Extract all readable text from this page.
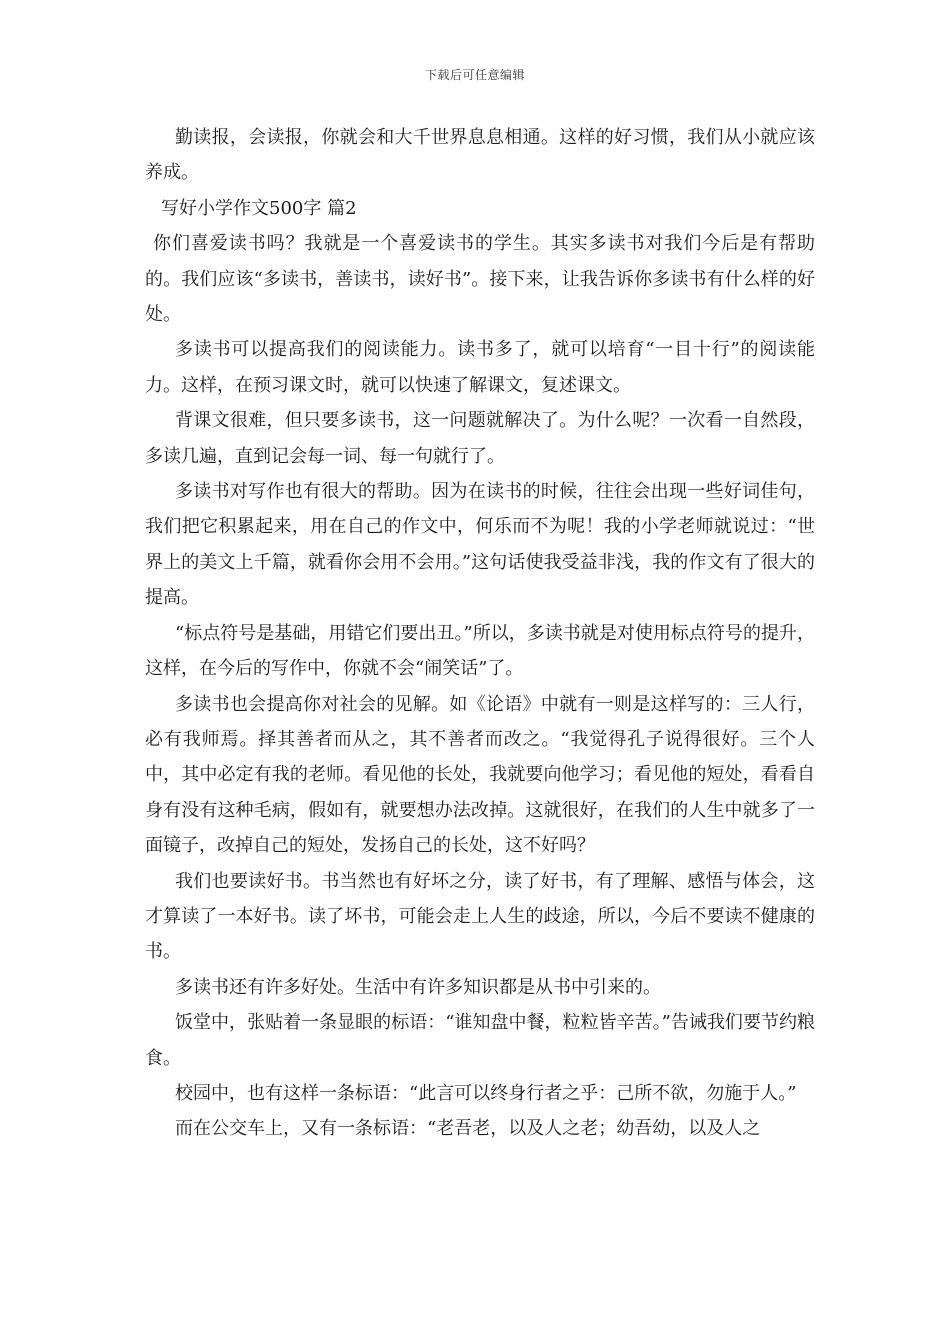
下载后可任意编辑

勤读报，会读报，你就会和大千世界息息相通。这样的好习惯，我们从小就应该养成。

写好小学作文500字 篇2

你们喜爱读书吗？我就是一个喜爱读书的学生。其实多读书对我们今后是有帮助的。我们应该“多读书，善读书，读好书”。接下来，让我告诉你多读书有什么样的好处。

多读书可以提高我们的阅读能力。读书多了，就可以培育“一目十行”的阅读能力。这样，在预习课文时，就可以快速了解课文，复述课文。

背课文很难，但只要多读书，这一问题就解决了。为什么呢？一次看一自然段，多读几遍，直到记会每一词、每一句就行了。

多读书对写作也有很大的帮助。因为在读书的时候，往往会出现一些好词佳句，我们把它积累起来，用在自己的作文中，何乐而不为呢！我的小学老师就说过：“世界上的美文上千篇，就看你会用不会用。”这句话使我受益非浅，我的作文有了很大的提高。

“标点符号是基础，用错它们要出丑。”所以，多读书就是对使用标点符号的提升，这样，在今后的写作中，你就不会“闹笑话”了。

多读书也会提高你对社会的见解。如《论语》中就有一则是这样写的：三人行，必有我师焉。择其善者而从之，其不善者而改之。“我觉得孔子说得很好。三个人中，其中必定有我的老师。看见他的长处，我就要向他学习；看见他的短处，看看自身有没有这种毛病，假如有，就要想办法改掉。这就很好，在我们的人生中就多了一面镜子，改掉自己的短处，发扬自己的长处，这不好吗？

我们也要读好书。书当然也有好坏之分，读了好书，有了理解、感悟与体会，这才算读了一本好书。读了坏书，可能会走上人生的歧途，所以，今后不要读不健康的书。

多读书还有许多好处。生活中有许多知识都是从书中引来的。

饭堂中，张贴着一条显眼的标语：“谁知盘中餐，粒粒皆辛苦。”告诫我们要节约粮食。

校园中，也有这样一条标语：“此言可以终身行者之乎：己所不欲，勿施于人。”

而在公交车上，又有一条标语：“老吾老，以及人之老；幼吾幼，以及人之
